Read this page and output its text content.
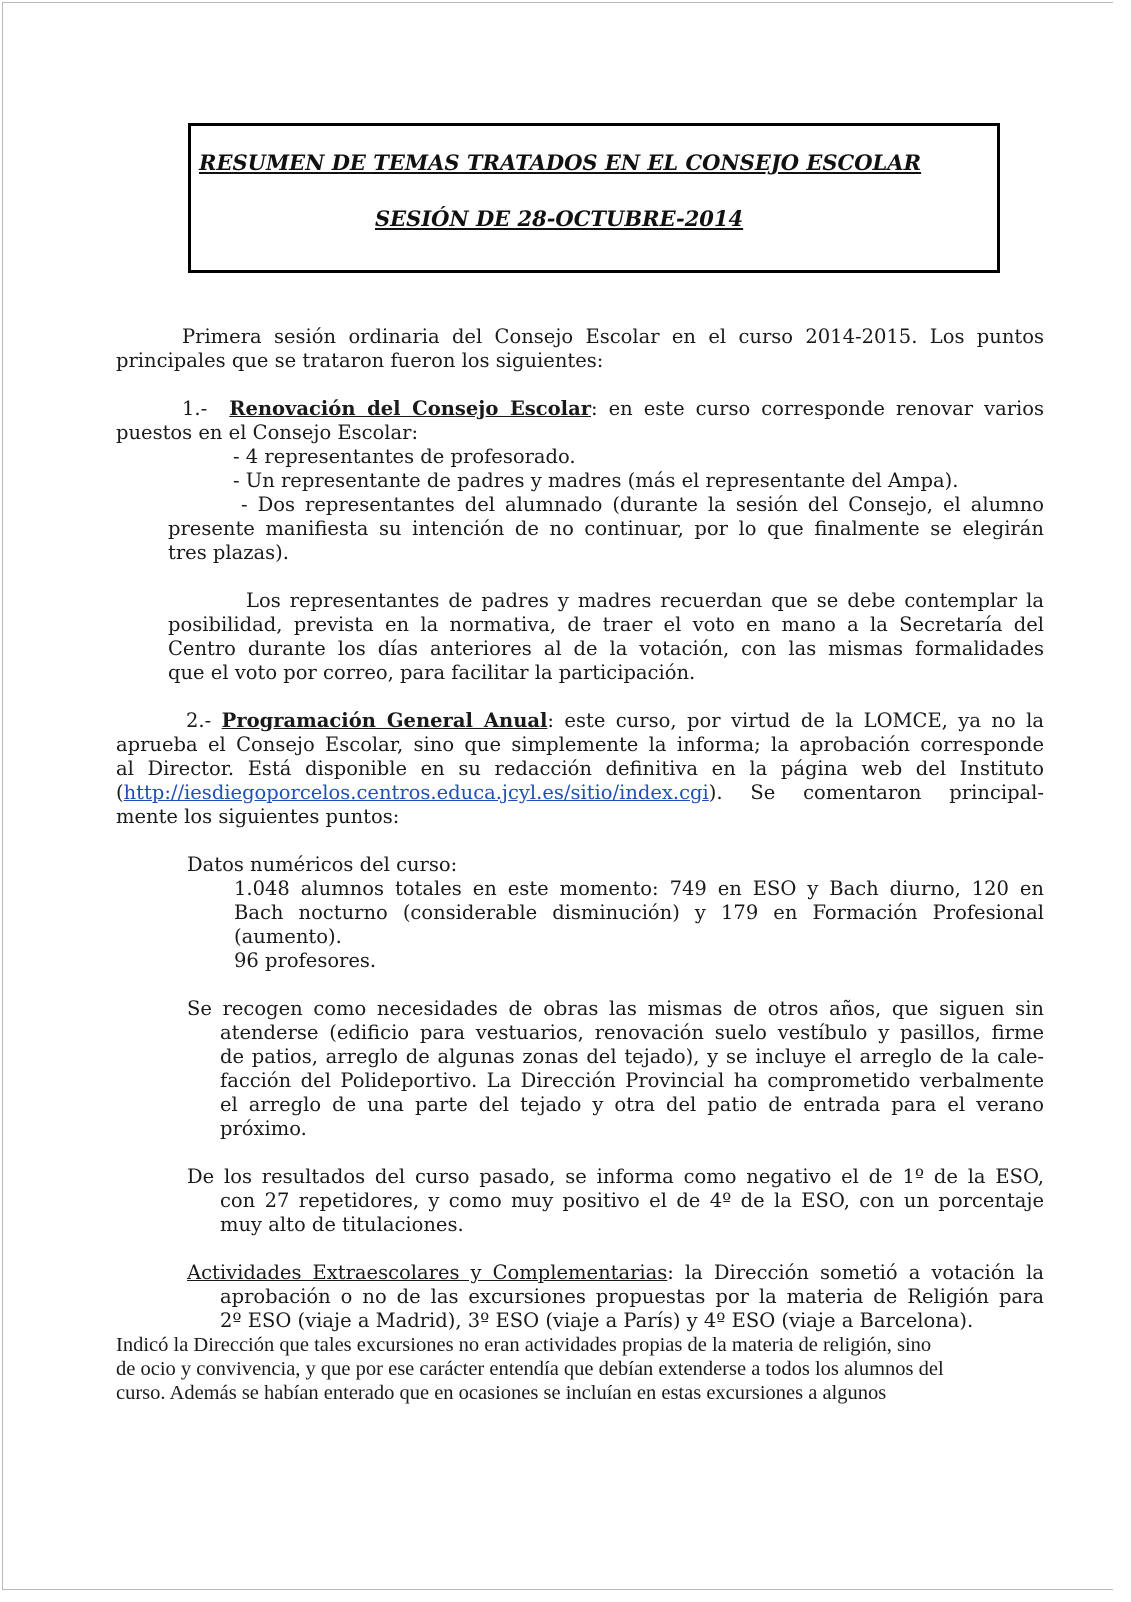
RESUMEN DE TEMAS TRATADOS EN EL CONSEJO ESCOLAR
SESIÓN DE 28-OCTUBRE-2014

Primera sesión ordinaria del Consejo Escolar en el curso 2014-2015. Los puntos

principales que se trataron fueron los siguientes:

1.- Renovación del Consejo Escolar: en este curso corresponde renovar varios

puestos en el Consejo Escolar:

- 4 representantes de profesorado.

- Un representante de padres y madres (más el representante del Ampa).

- Dos representantes del alumnado (durante la sesión del Consejo, el alumno

presente manifiesta su intención de no continuar, por lo que finalmente se elegirán

tres plazas).

Los representantes de padres y madres recuerdan que se debe contemplar la

posibilidad, prevista en la normativa, de traer el voto en mano a la Secretaría del

Centro durante los días anteriores al de la votación, con las mismas formalidades

que el voto por correo, para facilitar la participación.

2.- Programación General Anual: este curso, por virtud de la LOMCE, ya no la

aprueba el Consejo Escolar, sino que simplemente la informa; la aprobación corresponde

al Director. Está disponible en su redacción definitiva en la página web del Instituto

(http://iesdiegoporcelos.centros.educa.jcyl.es/sitio/index.cgi). Se comentaron principal-

mente los siguientes puntos:

Datos numéricos del curso:

1.048 alumnos totales en este momento: 749 en ESO y Bach diurno, 120 en

Bach nocturno (considerable disminución) y 179 en Formación Profesional

(aumento).

96 profesores.

Se recogen como necesidades de obras las mismas de otros años, que siguen sin

atenderse (edificio para vestuarios, renovación suelo vestíbulo y pasillos, firme

de patios, arreglo de algunas zonas del tejado), y se incluye el arreglo de la cale-

facción del Polideportivo. La Dirección Provincial ha comprometido verbalmente

el arreglo de una parte del tejado y otra del patio de entrada para el verano

próximo.

De los resultados del curso pasado, se informa como negativo el de 1º de la ESO,

con 27 repetidores, y como muy positivo el de 4º de la ESO, con un porcentaje

muy alto de titulaciones.

Actividades Extraescolares y Complementarias: la Dirección sometió a votación la

aprobación o no de las excursiones propuestas por la materia de Religión para

2º ESO (viaje a Madrid), 3º ESO (viaje a París) y 4º ESO (viaje a Barcelona).

Indicó la Dirección que tales excursiones no eran actividades propias de la materia de religión, sino

de ocio y convivencia, y que por ese carácter entendía que debían extenderse a todos los alumnos del

curso. Además se habían enterado que en ocasiones se incluían en estas excursiones a algunos
